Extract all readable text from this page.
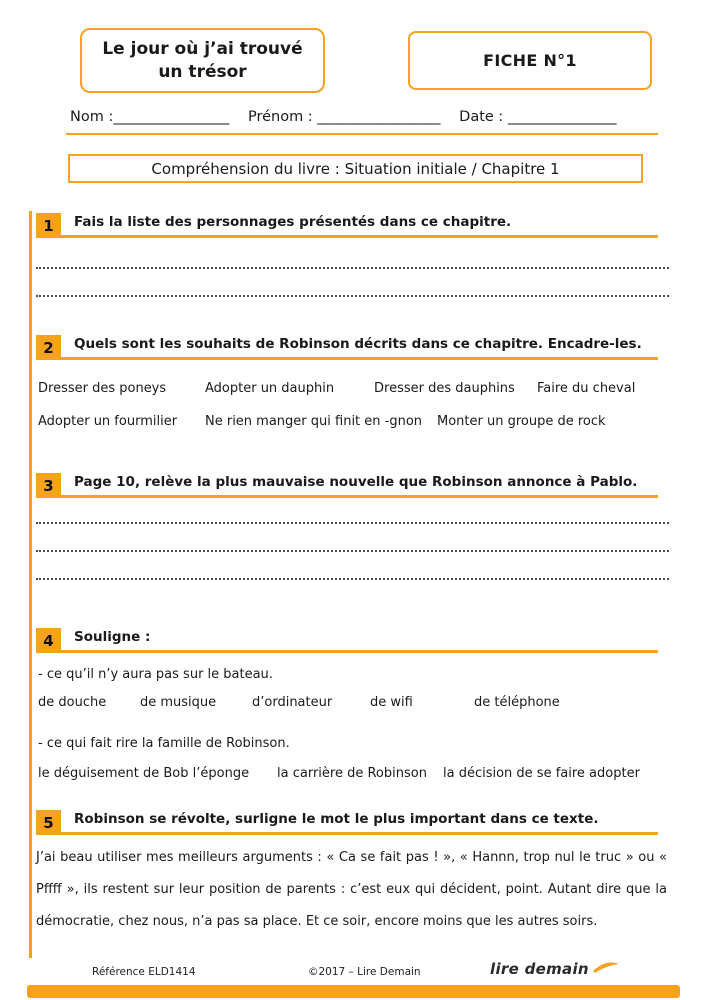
Le jour où j’ai trouvé
un trésor
FICHE N°1
Nom :________________ Prénom : _________________ Date : _______________
Compréhension du livre : Situation initiale / Chapitre 1
1	Fais la liste des personnages présentés dans ce chapitre.
2	Quels sont les souhaits de Robinson décrits dans ce chapitre. Encadre-les.
Dresser des poneys	Adopter un dauphin	Dresser des dauphins	Faire du cheval
Adopter un fourmilier	Ne rien manger qui finit en -gnon	Monter un groupe de rock
3	Page 10, relève la plus mauvaise nouvelle que Robinson annonce à Pablo.
4	Souligne :
- ce qu’il n’y aura pas sur le bateau.
de douche	de musique	d’ordinateur	de wifi	de téléphone
- ce qui fait rire la famille de Robinson.
le déguisement de Bob l’éponge	la carrière de Robinson	la décision de se faire adopter
5	Robinson se révolte, surligne le mot le plus important dans ce texte.
J’ai beau utiliser mes meilleurs arguments : « Ca se fait pas ! », « Hannn, trop nul le truc » ou « Pffff », ils restent sur leur position de parents : c’est eux qui décident, point. Autant dire que la démocratie, chez nous, n’a pas sa place. Et ce soir, encore moins que les autres soirs.
Référence ELD1414	©2017 – Lire Demain	lire demain
